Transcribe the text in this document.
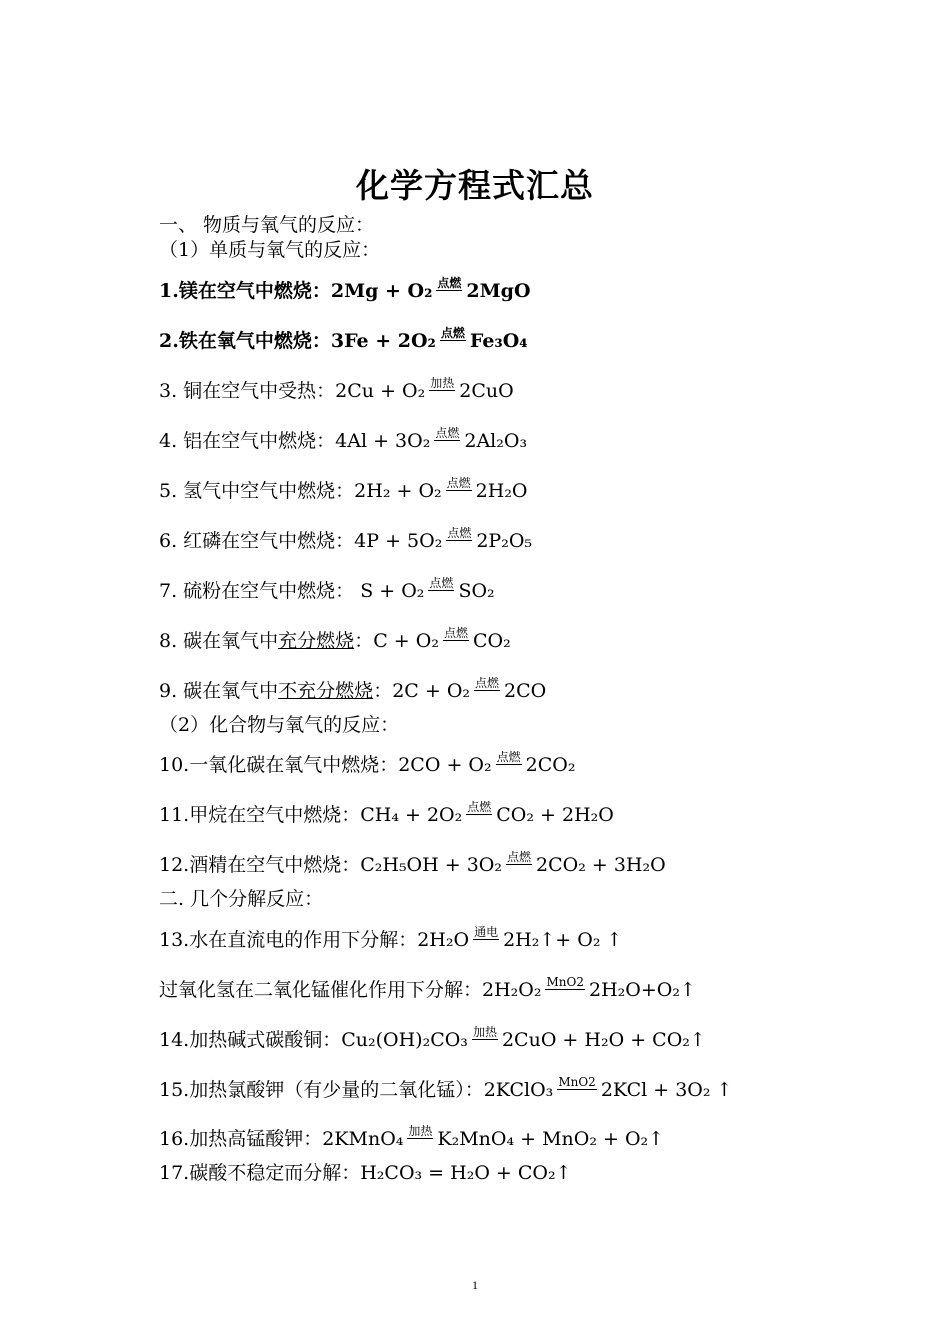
化学方程式汇总
一、 物质与氧气的反应：
（1）单质与氧气的反应：
1.镁在空气中燃烧：2Mg + O₂ 点燃 2MgO
2.铁在氧气中燃烧：3Fe + 2O₂ 点燃 Fe₃O₄
3. 铜在空气中受热：2Cu + O₂ 加热 2CuO
4. 铝在空气中燃烧：4Al + 3O₂ 点燃 2Al₂O₃
5. 氢气中空气中燃烧：2H₂ + O₂ 点燃 2H₂O
6. 红磷在空气中燃烧：4P + 5O₂ 点燃 2P₂O₅
7. 硫粉在空气中燃烧： S + O₂ 点燃 SO₂
8. 碳在氧气中充分燃烧：C + O₂ 点燃 CO₂
9. 碳在氧气中不充分燃烧：2C + O₂ 点燃 2CO
（2）化合物与氧气的反应：
10.一氧化碳在氧气中燃烧：2CO + O₂ 点燃 2CO₂
11.甲烷在空气中燃烧：CH₄ + 2O₂ 点燃 CO₂ + 2H₂O
12.酒精在空气中燃烧：C₂H₅OH + 3O₂ 点燃 2CO₂ + 3H₂O
二. 几个分解反应：
13.水在直流电的作用下分解：2H₂O 通电 2H₂↑+ O₂ ↑
过氧化氢在二氧化锰催化作用下分解：2H₂O₂ MnO2 2H₂O+O₂↑
14.加热碱式碳酸铜：Cu₂(OH)₂CO₃ 加热 2CuO + H₂O + CO₂↑
15.加热氯酸钾（有少量的二氧化锰）：2KClO₃ MnO2 2KCl + 3O₂ ↑
16.加热高锰酸钾：2KMnO₄ 加热 K₂MnO₄ + MnO₂ + O₂↑
17.碳酸不稳定而分解：H₂CO₃ = H₂O + CO₂↑
1
